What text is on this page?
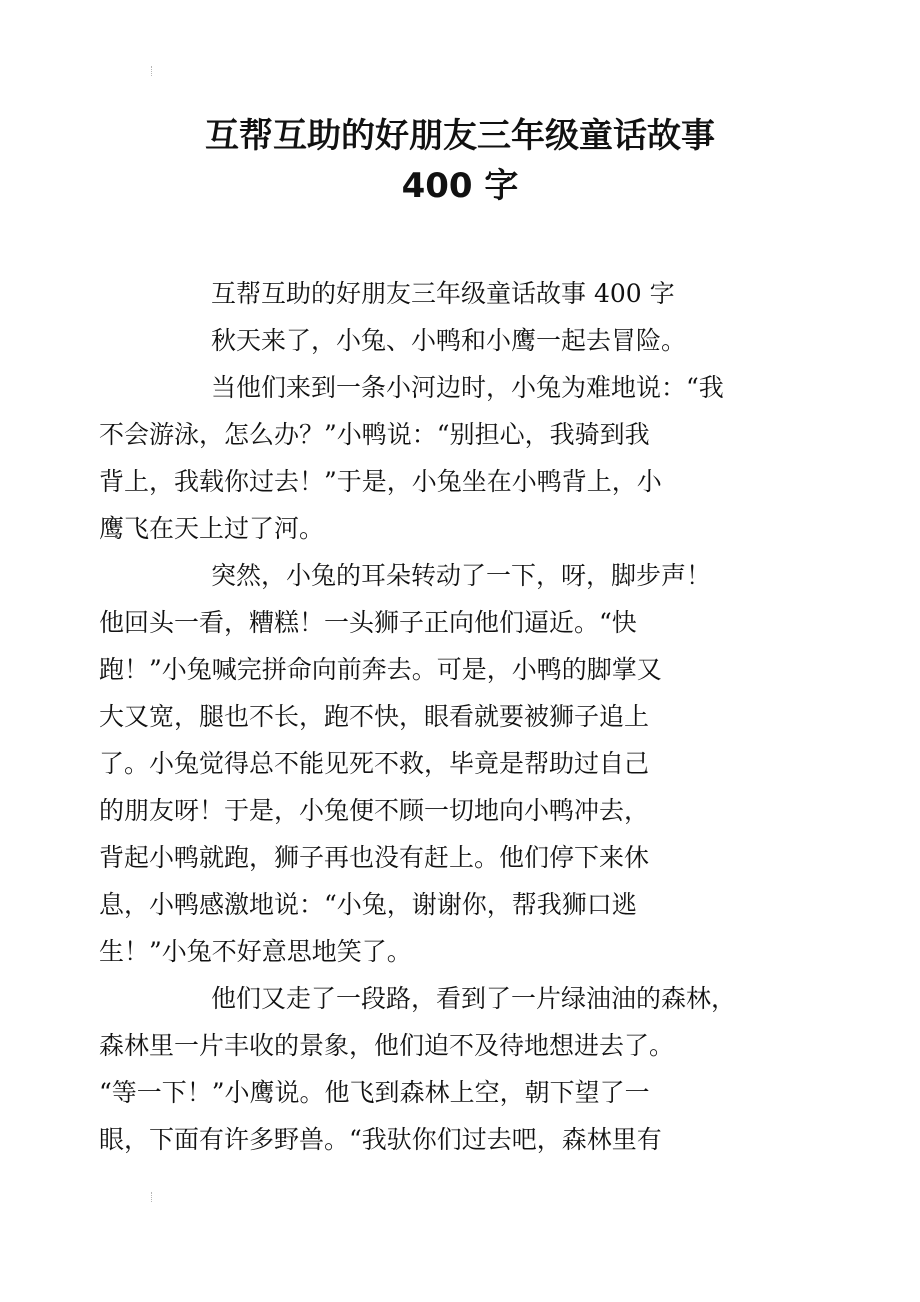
互帮互助的好朋友三年级童话故事
400 字

互帮互助的好朋友三年级童话故事 400 字

秋天来了，小兔、小鸭和小鹰一起去冒险。

当他们来到一条小河边时，小兔为难地说：“我
不会游泳，怎么办？”小鸭说：“别担心，我骑到我
背上，我载你过去！”于是，小兔坐在小鸭背上，小
鹰飞在天上过了河。

突然，小兔的耳朵转动了一下，呀，脚步声！
他回头一看，糟糕！一头狮子正向他们逼近。“快
跑！”小兔喊完拼命向前奔去。可是，小鸭的脚掌又
大又宽，腿也不长，跑不快，眼看就要被狮子追上
了。小兔觉得总不能见死不救，毕竟是帮助过自己
的朋友呀！于是，小兔便不顾一切地向小鸭冲去，
背起小鸭就跑，狮子再也没有赶上。他们停下来休
息，小鸭感激地说：“小兔，谢谢你，帮我狮口逃
生！”小兔不好意思地笑了。

他们又走了一段路，看到了一片绿油油的森林，
森林里一片丰收的景象，他们迫不及待地想进去了。
“等一下！”小鹰说。他飞到森林上空，朝下望了一
眼，下面有许多野兽。“我驮你们过去吧，森林里有
